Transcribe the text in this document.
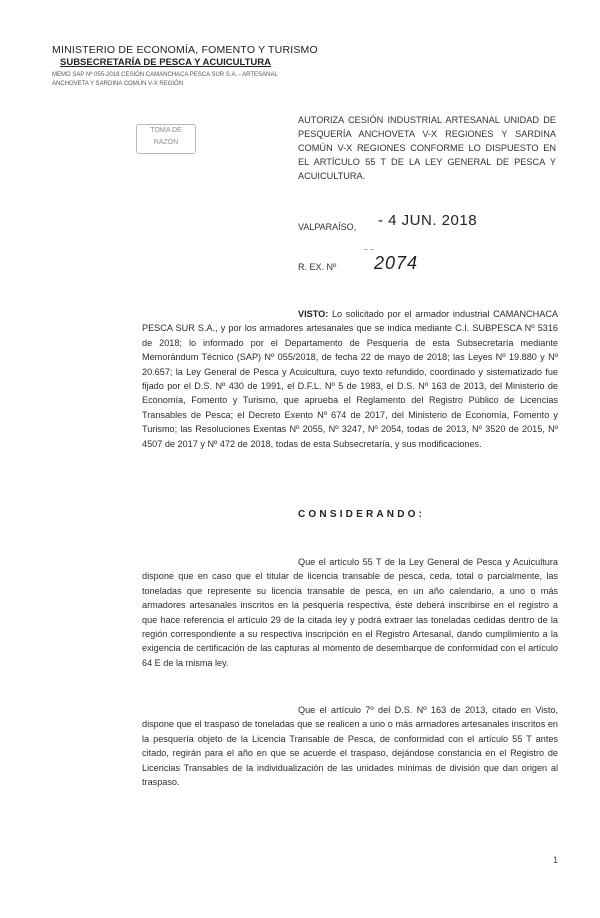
MINISTERIO DE ECONOMÍA, FOMENTO Y TURISMO
SUBSECRETARÍA DE PESCA Y ACUICULTURA
MEMO SAP Nº 055-2018 CESIÓN CAMANCHACA PESCA SUR S.A. - ARTESANAL ANCHOVETA Y SARDINA COMÚN V-X REGIÓN
TOMA DE
RAZÓN
AUTORIZA CESIÓN INDUSTRIAL ARTESANAL UNIDAD DE PESQUERÍA ANCHOVETA V-X REGIONES Y SARDINA COMÚN V-X REGIONES CONFORME LO DISPUESTO EN EL ARTÍCULO 55 T DE LA LEY GENERAL DE PESCA Y ACUICULTURA.
VALPARAÍSO, - 4 JUN. 2018
~ ~
R. EX. Nº 2074
VISTO: Lo solicitado por el armador industrial CAMANCHACA PESCA SUR S.A., y por los armadores artesanales que se indica mediante C.I. SUBPESCA Nº 5316 de 2018; lo informado por el Departamento de Pesquería de esta Subsecretaría mediante Memorándum Técnico (SAP) Nº 055/2018, de fecha 22 de mayo de 2018; las Leyes Nº 19.880 y Nº 20.657; la Ley General de Pesca y Acuicultura, cuyo texto refundido, coordinado y sistematizado fue fijado por el D.S. Nº 430 de 1991, el D.F.L. Nº 5 de 1983, el D.S. Nº 163 de 2013, del Ministerio de Economía, Fomento y Turismo, que aprueba el Reglamento del Registro Público de Licencias Transables de Pesca; el Decreto Exento Nº 674 de 2017, del Ministerio de Economía, Fomento y Turismo; las Resoluciones Exentas Nº 2055, Nº 3247, Nº 2054, todas de 2013, Nº 3520 de 2015, Nº 4507 de 2017 y Nº 472 de 2018, todas de esta Subsecretaría, y sus modificaciones.
CONSIDERANDO:
Que el artículo 55 T de la Ley General de Pesca y Acuicultura dispone que en caso que el titular de licencia transable de pesca, ceda, total o parcialmente, las toneladas que represente su licencia transable de pesca, en un año calendario, a uno o más armadores artesanales inscritos en la pesquería respectiva, éste deberá inscribirse en el registro a que hace referencia el artículo 29 de la citada ley y podrá extraer las toneladas cedidas dentro de la región correspondiente a su respectiva inscripción en el Registro Artesanal, dando cumplimiento a la exigencia de certificación de las capturas al momento de desembarque de conformidad con el artículo 64 E de la misma ley.
Que el artículo 7º del D.S. Nº 163 de 2013, citado en Visto, dispone que el traspaso de toneladas que se realicen a uno o más armadores artesanales inscritos en la pesquería objeto de la Licencia Transable de Pesca, de conformidad con el artículo 55 T antes citado, regirán para el año en que se acuerde el traspaso, dejándose constancia en el Registro de Licencias Transables de la individualización de las unidades mínimas de división que dan origen al traspaso.
1
